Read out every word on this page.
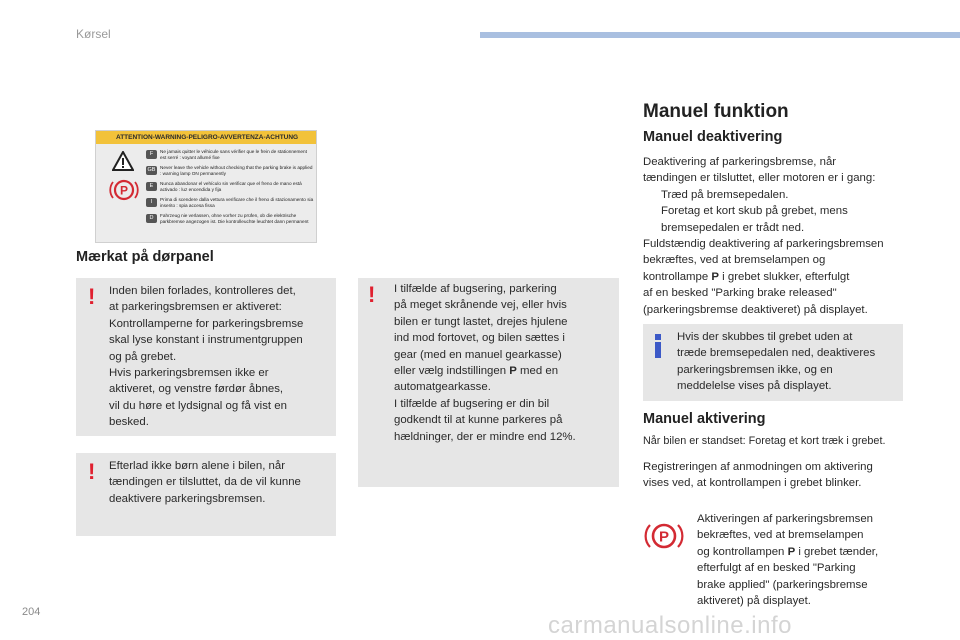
Kørsel
ATTENTION-WARNING-PELIGRO-AVVERTENZA-ACHTUNG
P
F	Ne jamais quitter le véhicule sans vérifier que le frein de stationnement est serré : voyant allumé fixe
GB Never leave the vehicle without checking that the parking brake is applied : warning lamp ON permanently
E	Nunca abandonar el vehículo sin verificar que el freno de mano está activado : luz encendida y fija
I	Prima di scendere dalla vettura verificare che il freno di stazionamento sia inserito : spia accesa fissa
D	Fahrzeug nie verlassen, ohne vorher zu prüfen, ob die elektrische parkbremse angezogen ist. Die kontrolleuchte leuchtet dann permanent
Mærkat på dørpanel
! Inden bilen forlades, kontrolleres det,
at parkeringsbremsen er aktiveret:
Kontrollamperne for parkeringsbremse
skal lyse konstant i instrumentgruppen
og på grebet.
Hvis parkeringsbremsen ikke er
aktiveret, og venstre førdør åbnes,
vil du høre et lydsignal og få vist en
besked.
! Efterlad ikke børn alene i bilen, når
tændingen er tilsluttet, da de vil kunne
deaktivere parkeringsbremsen.
! I tilfælde af bugsering, parkering
på meget skrånende vej, eller hvis
bilen er tungt lastet, drejes hjulene
ind mod fortovet, og bilen sættes i
gear (med en manuel gearkasse)
eller vælg indstillingen P med en
automatgearkasse.
I tilfælde af bugsering er din bil
godkendt til at kunne parkeres på
hældninger, der er mindre end 12%.
Manuel funktion
Manuel deaktivering
Deaktivering af parkeringsbremse, når
tændingen er tilsluttet, eller motoren er i gang:
Træd på bremsepedalen.
Foretag et kort skub på grebet, mens
bremsepedalen er trådt ned.
Fuldstændig deaktivering af parkeringsbremsen
bekræftes, ved at bremselampen og
kontrollampe P i grebet slukker, efterfulgt
af en besked "Parking brake released"
(parkeringsbremse deaktiveret) på displayet.
Hvis der skubbes til grebet uden at
træde bremsepedalen ned, deaktiveres
parkeringsbremsen ikke, og en
meddelelse vises på displayet.
Manuel aktivering
Når bilen er standset: Foretag et kort træk i grebet.
Registreringen af anmodningen om aktivering
vises ved, at kontrollampen i grebet blinker.
P
Aktiveringen af parkeringsbremsen
bekræftes, ved at bremselampen
og kontrollampen P i grebet tænder,
efterfulgt af en besked "Parking
brake applied" (parkeringsbremse
aktiveret) på displayet.
204	carmanualsonline.info
